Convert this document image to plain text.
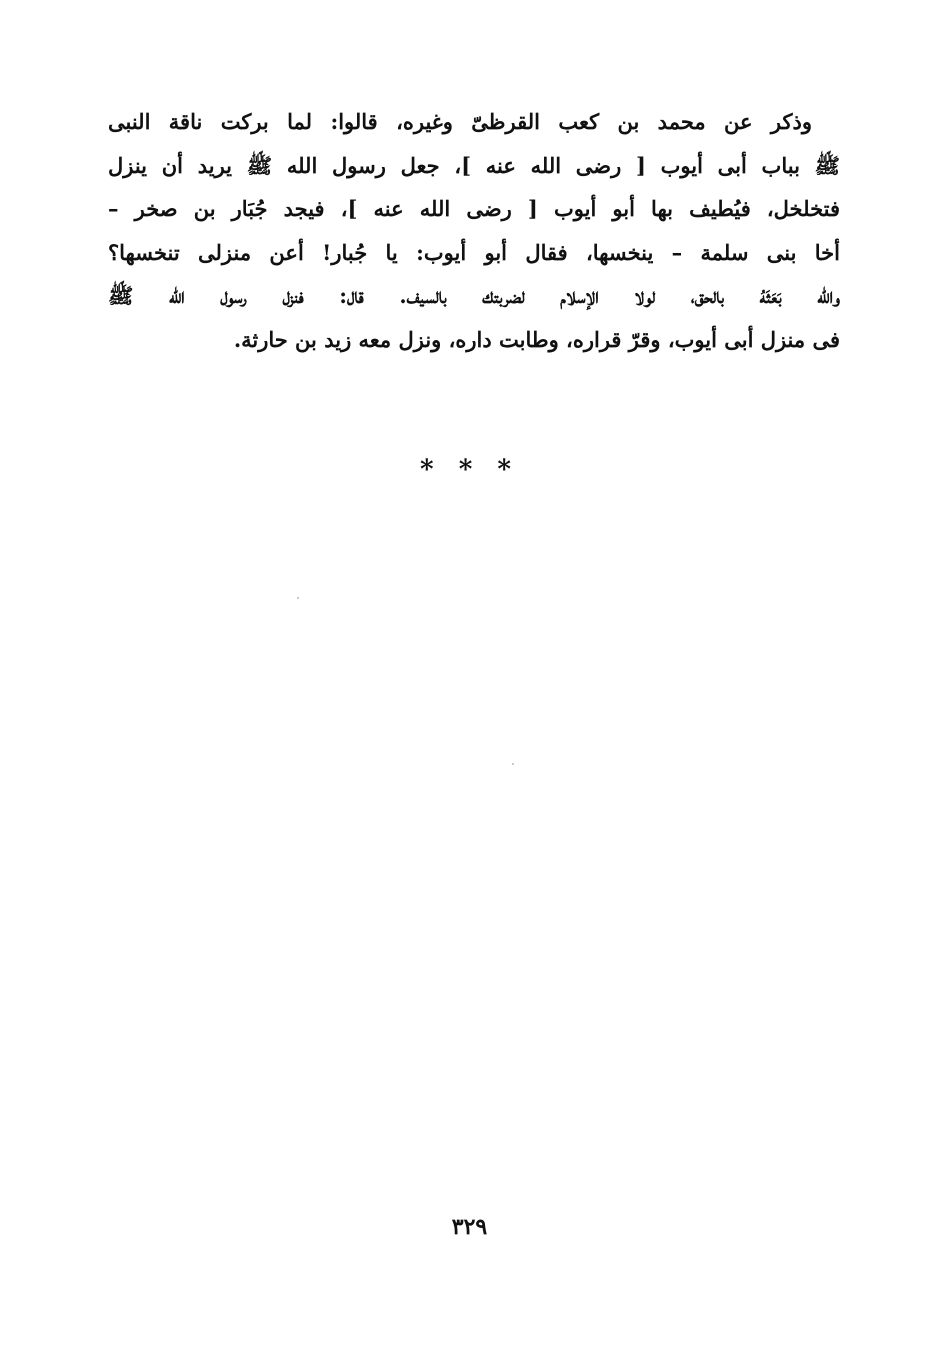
وذكر عن محمد بن كعب القرظىّ وغيره، قالوا: لما بركت ناقة النبى
ﷺ بباب أبى أيوب [ رضى الله عنه ]، جعل رسول الله ﷺ يريد أن ينزل
فتخلخل، فيُطيف بها أبو أيوب [ رضى الله عنه ]، فيجد جُبَار بن صخر –
أخا بنى سلمة – ينخسها، فقال أبو أيوب: يا جُبار! أعن منزلى تنخسها؟
والله بَعَثَهُ بالحق، لولا الإسلام لضربتك بالسيف. قال: فنزل رسول الله ﷺ
فى منزل أبى أيوب، وقرّ قراره، وطابت داره، ونزل معه زيد بن حارثة.
* * *
٣٢٩
